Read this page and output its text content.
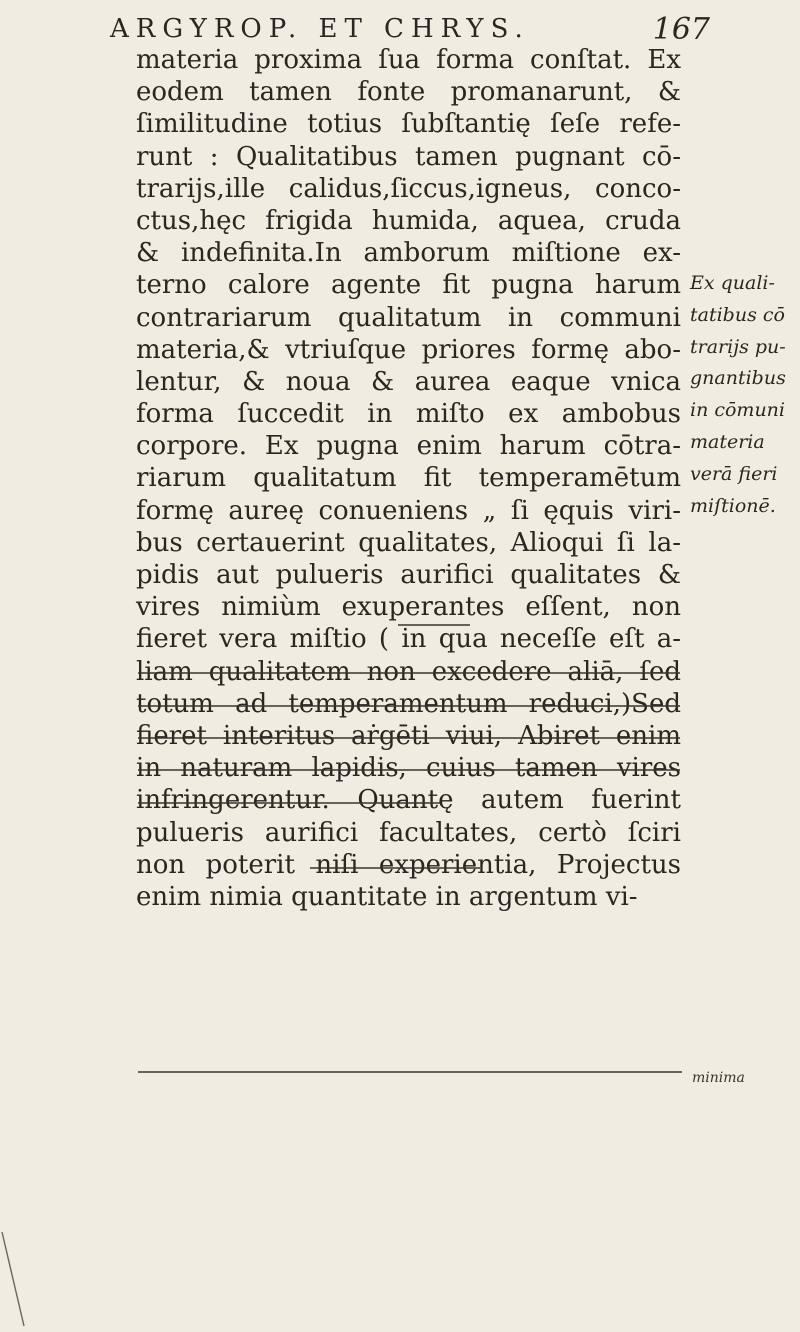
ARGYROP. ET CHRYS.	167
materia proxima ſua forma conſtat. Ex
eodem tamen fonte promanarunt, &
ſimilitudine totius ſubſtantię ſeſe refe-
runt : Qualitatibus tamen pugnant cō-
trarijs,ille calidus,ſiccus,igneus, conco-
ctus,hęc frigida humida, aquea, cruda
& indefinita.In amborum miſtione ex-
terno calore agente fit pugna harum
contrariarum qualitatum in communi
materia,& vtriuſque priores formę abo-
lentur, & noua & aurea eaque vnica
forma ſuccedit in miſto ex ambobus
corpore. Ex pugna enim harum cōtra-
riarum qualitatum fit temperamētum
formę aureę conueniens „ ſi ęquis viri-
bus certauerint qualitates, Alioqui ſi la-
pidis aut pulueris aurifici qualitates &
vires nimiùm exuperantes eſſent, non
fieret vera miſtio ( in qua neceſſe eſt a-
liam qualitatem non excedere aliā, ſed
totum ad temperamentum reduci,)Sed
fieret interitus aṙgēti viui, Abiret enim
in naturam lapidis, cuius tamen vires
infringerentur. Quantę autem fuerint
pulueris aurifici facultates, certò ſciri
non poterit niſi experientia, Projectus
enim nimia quantitate in argentum vi-
Ex quali-
tatibus cō
trarijs pu-
gnantibus
in cōmuni
materia
verā fieri
miſtionē.
minima
